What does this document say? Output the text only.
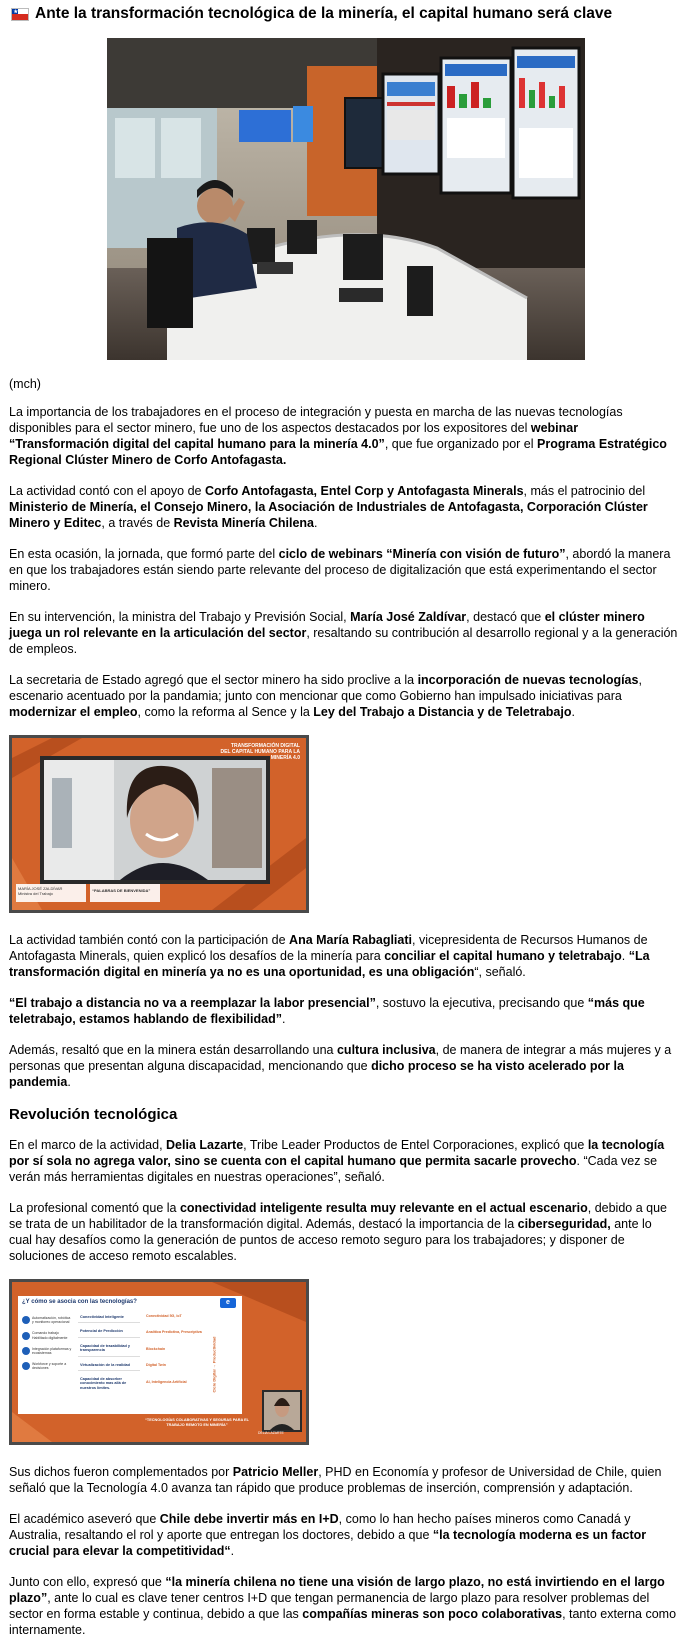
★ Ante la transformación tecnológica de la minería, el capital humano será clave

(mch)

La importancia de los trabajadores en el proceso de integración y puesta en marcha de las nuevas tecnologías disponibles para el sector minero, fue uno de los aspectos destacados por los expositores del webinar “Transformación digital del capital humano para la minería 4.0”, que fue organizado por el Programa Estratégico Regional Clúster Minero de Corfo Antofagasta.

La actividad contó con el apoyo de Corfo Antofagasta, Entel Corp y Antofagasta Minerals, más el patrocinio del Ministerio de Minería, el Consejo Minero, la Asociación de Industriales de Antofagasta, Corporación Clúster Minero y Editec, a través de Revista Minería Chilena.

En esta ocasión, la jornada, que formó parte del ciclo de webinars “Minería con visión de futuro”, abordó la manera en que los trabajadores están siendo parte relevante del proceso de digitalización que está experimentando el sector minero.

En su intervención, la ministra del Trabajo y Previsión Social, María José Zaldívar, destacó que el clúster minero juega un rol relevante en la articulación del sector, resaltando su contribución al desarrollo regional y a la generación de empleos.

La secretaria de Estado agregó que el sector minero ha sido proclive a la incorporación de nuevas tecnologías, escenario acentuado por la pandamia; junto con mencionar que como Gobierno han impulsado iniciativas para modernizar el empleo, como la reforma al Sence y la Ley del Trabajo a Distancia y de Teletrabajo.

TRANSFORMACIÓN DIGITAL
DEL CAPITAL HUMANO PARA LA
MINERÍA 4.0
MARÍA JOSÉ ZALDÍVAR
Ministra del Trabajo
“PALABRAS DE BIENVENIDA”

La actividad también contó con la participación de Ana María Rabagliati, vicepresidenta de Recursos Humanos de Antofagasta Minerals, quien explicó los desafíos de la minería para conciliar el capital humano y teletrabajo. “La transformación digital en minería ya no es una oportunidad, es una obligación“, señaló.

“El trabajo a distancia no va a reemplazar la labor presencial”, sostuvo la ejecutiva, precisando que “más que teletrabajo, estamos hablando de flexibilidad”.

Además, resaltó que en la minera están desarrollando una cultura inclusiva, de manera de integrar a más mujeres y a personas que presentan alguna discapacidad, mencionando que dicho proceso se ha visto acelerado por la pandemia.

Revolución tecnológica

En el marco de la actividad, Delia Lazarte, Tribe Leader Productos de Entel Corporaciones, explicó que la tecnología por sí sola no agrega valor, sino se cuenta con el capital humano que permita sacarle provecho. “Cada vez se verán más herramientas digitales en nuestras operaciones”, señaló.

La profesional comentó que la conectividad inteligente resulta muy relevante en el actual escenario, debido a que se trata de un habilitador de la transformación digital. Además, destacó la importancia de la ciberseguridad, ante lo cual hay desafíos como la generación de puntos de acceso remoto seguro para los trabajadores; y disponer de soluciones de acceso remoto escalables.

¿Y cómo se asocia con las tecnologías?	e
Automatización, robótica y monitoreo operacional
Comando trabajo Habilitado digitalmente
Integración plataformas y ecosistemas
Workforce y soporte a decisiones
Conectividad Inteligente
Potencial de Predicción
Capacidad de trazabilidad y transparencia
Virtualización de la realidad
Capacidad de absorber conocimiento mas allá de nuestros límites.
Conectividad 5G, IoT
Analítica Predictiva, Prescriptiva
Blockchain
Digital Twin
AI, Inteligencia Artificial	Ciclo Digital → Productividad
“TECNOLOGÍAS COLABORATIVAS Y SEGURAS PARA EL TRABAJO REMOTO EN MINERÍA”
DELIA LAZARTE

Sus dichos fueron complementados por Patricio Meller, PHD en Economía y profesor de Universidad de Chile, quien señaló que la Tecnología 4.0 avanza tan rápido que produce problemas de inserción, comprensión y adaptación.

El académico aseveró que Chile debe invertir más en I+D, como lo han hecho países mineros como Canadá y Australia, resaltando el rol y aporte que entregan los doctores, debido a que “la tecnología moderna es un factor crucial para elevar la competitividad“.

Junto con ello, expresó que “la minería chilena no tiene una visión de largo plazo, no está invirtiendo en el largo plazo”, ante lo cual es clave tener centros I+D que tengan permanencia de largo plazo para resolver problemas del sector en forma estable y continua, debido a que las compañías mineras son poco colaborativas, tanto externa como internamente.
